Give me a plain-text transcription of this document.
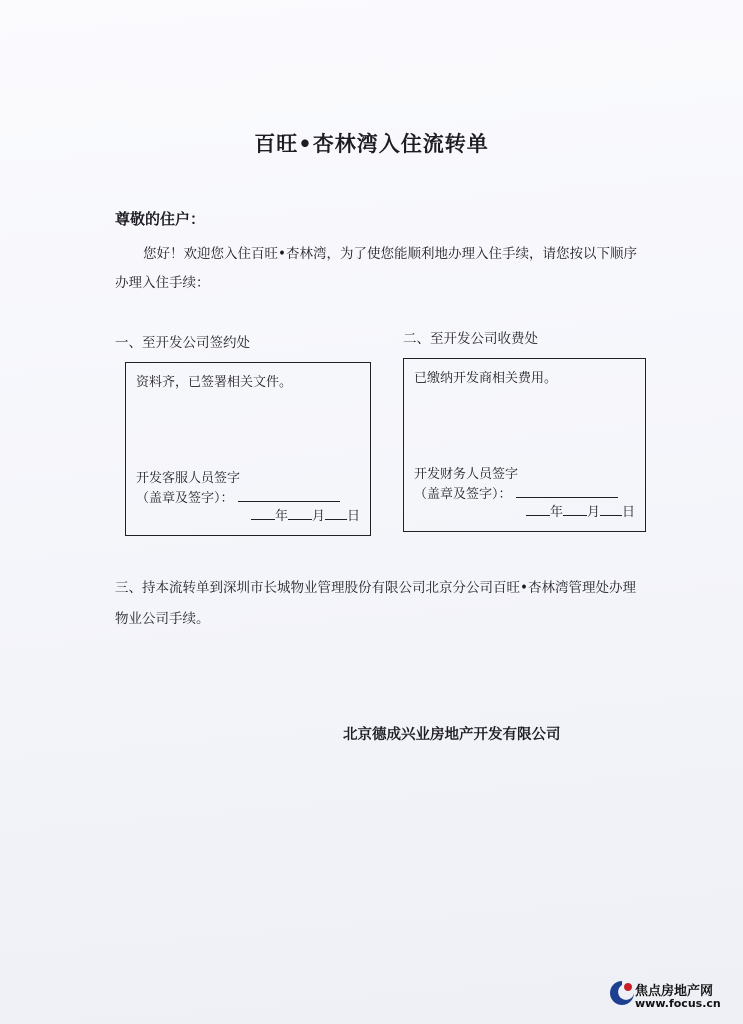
百旺•杏林湾入住流转单
尊敬的住户：
您好！欢迎您入住百旺•杏林湾，为了使您能顺利地办理入住手续，请您按以下顺序办理入住手续：
一、至开发公司签约处
资料齐，已签署相关文件。
开发客服人员签字
（盖章及签字）：
年 月 日
二、至开发公司收费处
已缴纳开发商相关费用。
开发财务人员签字
（盖章及签字）：
年 月 日
三、持本流转单到深圳市长城物业管理股份有限公司北京分公司百旺•杏林湾管理处办理物业公司手续。
北京德成兴业房地产开发有限公司
焦点房地产网
www.focus.cn
